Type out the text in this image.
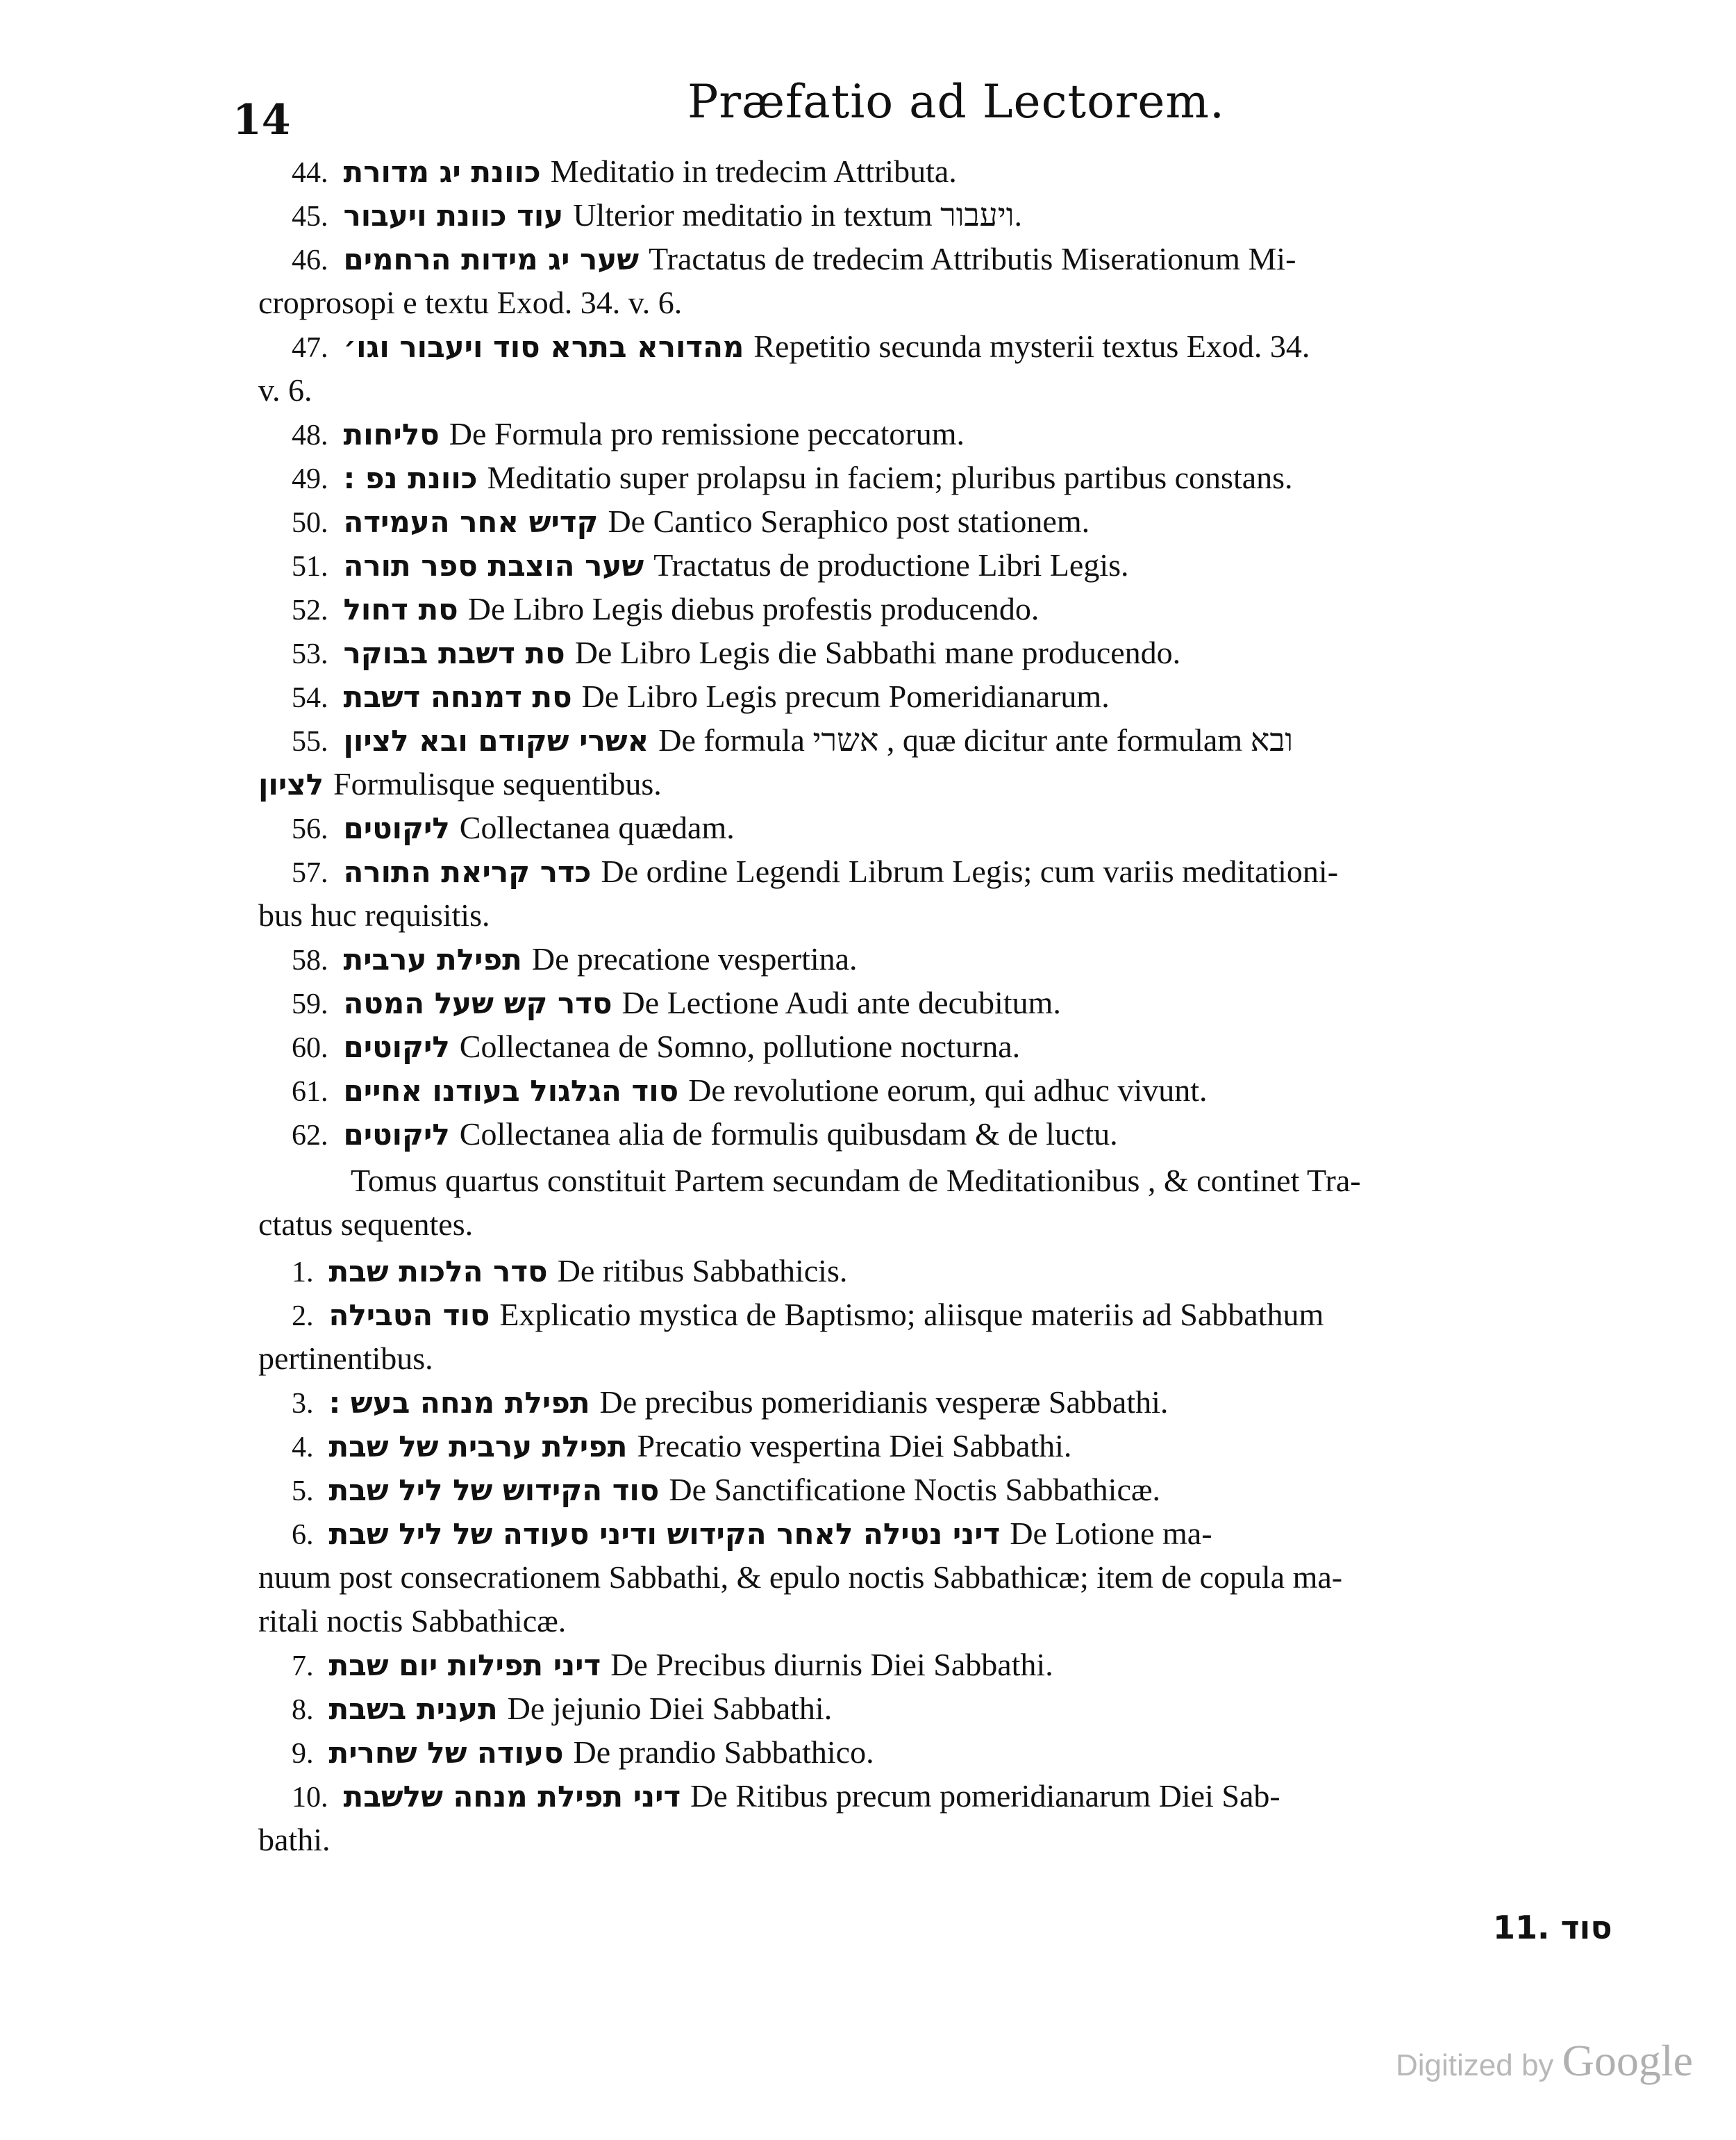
14	Præfatio ad Lectorem.
44. כוונת יג מדורת Meditatio in tredecim Attributa.
45. עוד כוונת ויעבור Ulterior meditatio in textum ויעבור.
46. שער יג מידות הרחמים Tractatus de tredecim Attributis Miserationum Mi-
croprosopi e textu Exod. 34. v. 6.
47. מהדורא בתרא סוד ויעבור וגו׳ Repetitio secunda mysterii textus Exod. 34.
v. 6.
48. סליחות De Formula pro remissione peccatorum.
49. כוונת נפ : Meditatio super prolapsu in faciem; pluribus partibus constans.
50. קדיש אחר העמידה De Cantico Seraphico post stationem.
51. שער הוצבת ספר תורה Tractatus de productione Libri Legis.
52. סת דחול De Libro Legis diebus profestis producendo.
53. סת דשבת בבוקר De Libro Legis die Sabbathi mane producendo.
54. סת דמנחה דשבת De Libro Legis precum Pomeridianarum.
55. אשרי שקודם ובא לציון De formula אשרי , quæ dicitur ante formulam ובא
לציון Formulisque sequentibus.
56. ליקוטים Collectanea quædam.
57. כדר קריאת התורה De ordine Legendi Librum Legis; cum variis meditationi-
bus huc requisitis.
58. תפילת ערבית De precatione vespertina.
59. סדר קש שעל המטה De Lectione Audi ante decubitum.
60. ליקוטים Collectanea de Somno, pollutione nocturna.
61. סוד הגלגול בעודנו אחיים De revolutione eorum, qui adhuc vivunt.
62. ליקוטים Collectanea alia de formulis quibusdam & de luctu.
Tomus quartus constituit Partem secundam de Meditationibus , & continet Tra-
ctatus sequentes.
1. סדר הלכות שבת De ritibus Sabbathicis.
2. סוד הטבילה Explicatio mystica de Baptismo; aliisque materiis ad Sabbathum
pertinentibus.
3. תפילת מנחה בעש : De precibus pomeridianis vesperæ Sabbathi.
4. תפילת ערבית של שבת Precatio vespertina Diei Sabbathi.
5. סוד הקידוש של ליל שבת De Sanctificatione Noctis Sabbathicæ.
6. דיני נטילה לאחר הקידוש ודיני סעודה של ליל שבת De Lotione ma-
nuum post consecrationem Sabbathi, & epulo noctis Sabbathicæ; item de copula ma-
ritali noctis Sabbathicæ.
7. דיני תפילות יום שבת De Precibus diurnis Diei Sabbathi.
8. תענית בשבת De jejunio Diei Sabbathi.
9. סעודה של שחרית De prandio Sabbathico.
10. דיני תפילת מנחה שלשבת De Ritibus precum pomeridianarum Diei Sab-
bathi.
סוד .11
Digitized by Google
